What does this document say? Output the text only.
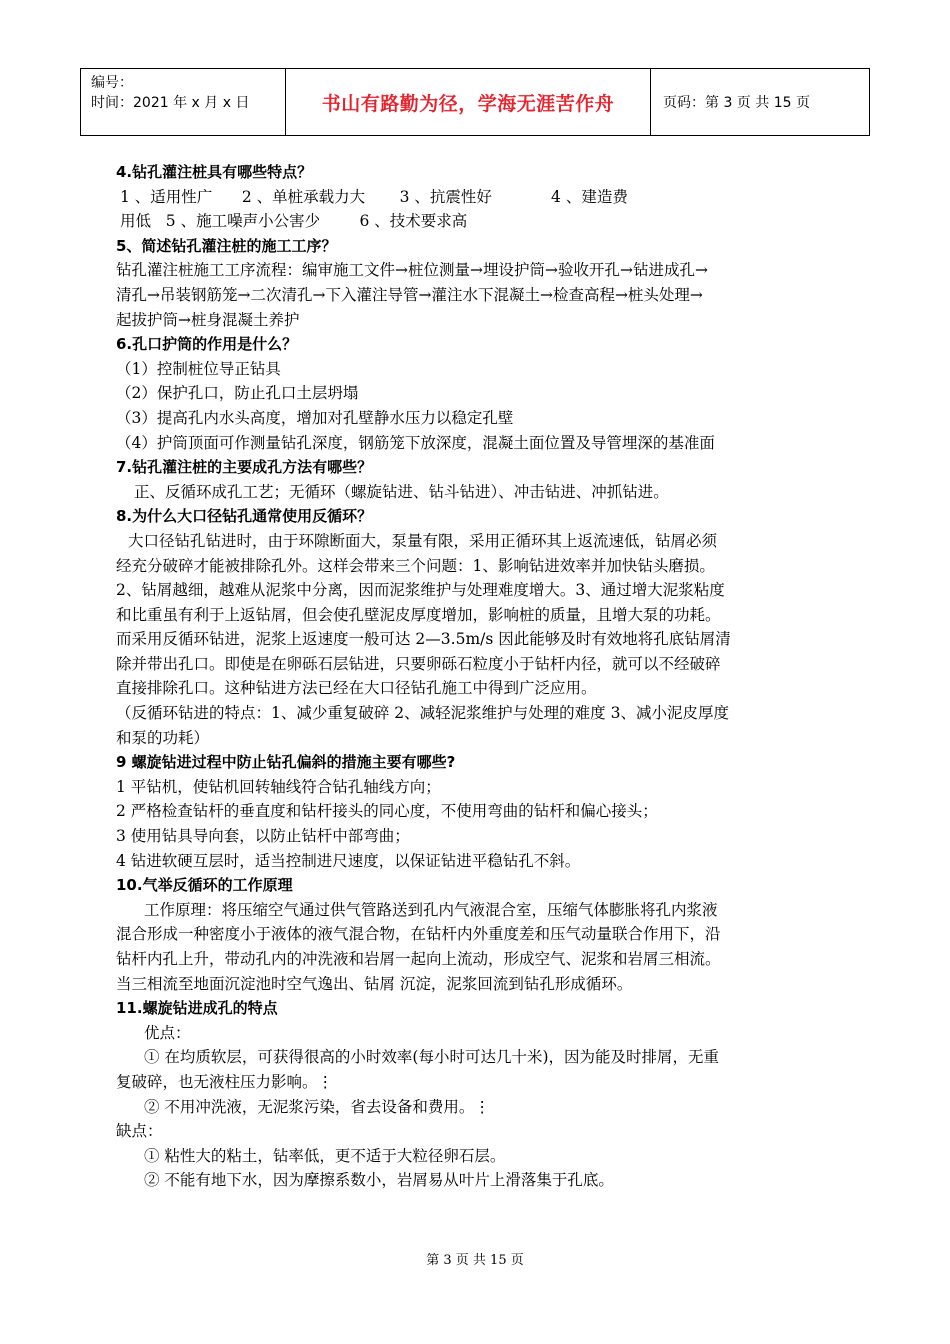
编号：
时间：2021 年 x 月 x 日	书山有路勤为径，学海无涯苦作舟	页码：第 3 页 共 15 页

4.钻孔灌注桩具有哪些特点？

1 、适用性广      2 、单桩承载力大       3 、抗震性好            4 、建造费

用低   5 、施工噪声小公害少        6 、技术要求高

5、简述钻孔灌注桩的施工工序？

钻孔灌注桩施工工序流程：编审施工文件→桩位测量→埋设护筒→验收开孔→钻进成孔→

清孔→吊装钢筋笼→二次清孔→下入灌注导管→灌注水下混凝土→检查高程→桩头处理→

起拔护筒→桩身混凝土养护

6.孔口护筒的作用是什么？

（1）控制桩位导正钻具

（2）保护孔口，防止孔口土层坍塌

（3）提高孔内水头高度，增加对孔壁静水压力以稳定孔壁

（4）护筒顶面可作测量钻孔深度，钢筋笼下放深度，混凝土面位置及导管埋深的基准面

7.钻孔灌注桩的主要成孔方法有哪些？

正、反循环成孔工艺；无循环（螺旋钻进、钻斗钻进）、冲击钻进、冲抓钻进。

8.为什么大口径钻孔通常使用反循环？

大口径钻孔钻进时，由于环隙断面大，泵量有限，采用正循环其上返流速低，钻屑必须

经充分破碎才能被排除孔外。这样会带来三个问题：1、影响钻进效率并加快钻头磨损。

2、钻屑越细，越难从泥浆中分离，因而泥浆维护与处理难度增大。3、通过增大泥浆粘度

和比重虽有利于上返钻屑，但会使孔壁泥皮厚度增加，影响桩的质量，且增大泵的功耗。

而采用反循环钻进，泥浆上返速度一般可达 2—3.5m/s 因此能够及时有效地将孔底钻屑清

除并带出孔口。即使是在卵砾石层钻进，只要卵砾石粒度小于钻杆内径，就可以不经破碎

直接排除孔口。这种钻进方法已经在大口径钻孔施工中得到广泛应用。

（反循环钻进的特点：1、减少重复破碎 2、减轻泥浆维护与处理的难度 3、减小泥皮厚度

和泵的功耗）

9 螺旋钻进过程中防止钻孔偏斜的措施主要有哪些?

1 平钻机，使钻机回转轴线符合钻孔轴线方向；

2 严格检查钻杆的垂直度和钻杆接头的同心度，不使用弯曲的钻杆和偏心接头；

3 使用钻具导向套，以防止钻杆中部弯曲；

4 钻进软硬互层时，适当控制进尺速度，以保证钻进平稳钻孔不斜。

10.气举反循环的工作原理

工作原理：将压缩空气通过供气管路送到孔内气液混合室，压缩气体膨胀将孔内浆液

混合形成一种密度小于液体的液气混合物，在钻杆内外重度差和压气动量联合作用下，沿

钻杆内孔上升，带动孔内的冲洗液和岩屑一起向上流动，形成空气、泥浆和岩屑三相流。

当三相流至地面沉淀池时空气逸出、钻屑 沉淀，泥浆回流到钻孔形成循环。

11.螺旋钻进成孔的特点

优点：

① 在均质软层，可获得很高的小时效率(每小时可达几十米)，因为能及时排屑，无重

复破碎，也无液柱压力影响。⋮

② 不用冲洗液，无泥浆污染，省去设备和费用。⋮

缺点：

① 粘性大的粘土，钻率低，更不适于大粒径卵石层。

② 不能有地下水，因为摩擦系数小，岩屑易从叶片上滑落集于孔底。

第 3 页 共 15 页
